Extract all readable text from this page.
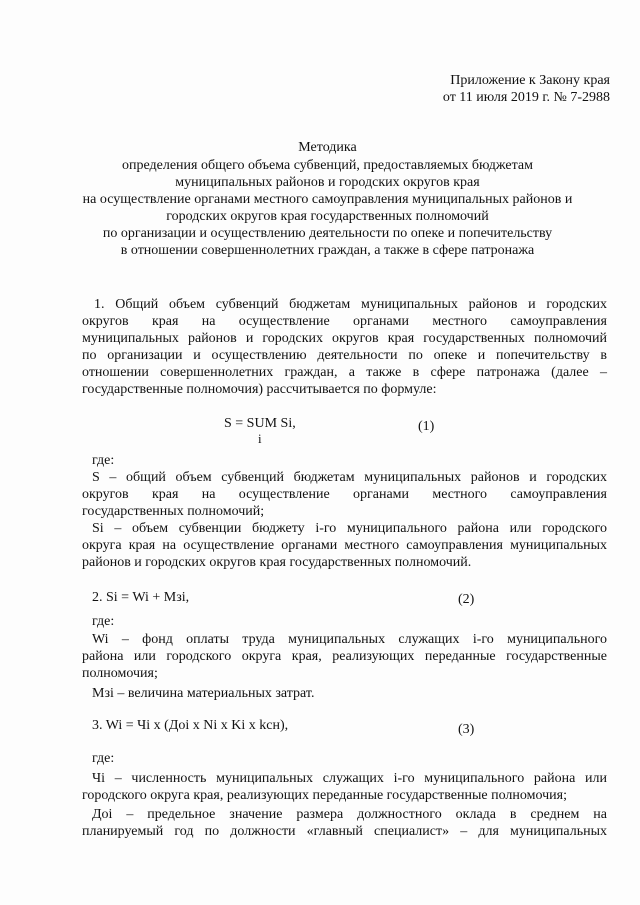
Приложение к Закону края
от 11 июля 2019 г. № 7-2988
Методика
определения общего объема субвенций, предоставляемых бюджетам
муниципальных районов и городских округов края
на осуществление органами местного самоуправления муниципальных районов и
городских округов края государственных полномочий
по организации и осуществлению деятельности по опеке и попечительству
в отношении совершеннолетних граждан, а также в сфере патронажа
1. Общий объем субвенций бюджетам муниципальных районов и городских
округов края на осуществление органами местного самоуправления
муниципальных районов и городских округов края государственных полномочий
по организации и осуществлению деятельности по опеке и попечительству в
отношении совершеннолетних граждан, а также в сфере патронажа (далее –
государственные полномочия) рассчитывается по формуле:
S = SUM Si,
i
(1)
где:
S – общий объем субвенций бюджетам муниципальных районов и городских
округов края на осуществление органами местного самоуправления
государственных полномочий;
Si – объем субвенции бюджету i-го муниципального района или городского
округа края на осуществление органами местного самоуправления муниципальных
районов и городских округов края государственных полномочий.
2. Si = Wi + Мзi,	(2)
где:
Wi – фонд оплаты труда муниципальных служащих i-го муниципального
района или городского округа края, реализующих переданные государственные
полномочия;
Мзi – величина материальных затрат.
3. Wi = Чi x (Доi x Ni x Ki x kсн),	(3)
где:
Чi – численность муниципальных служащих i-го муниципального района или
городского округа края, реализующих переданные государственные полномочия;
Доi – предельное значение размера должностного оклада в среднем на
планируемый год по должности «главный специалист» – для муниципальных
